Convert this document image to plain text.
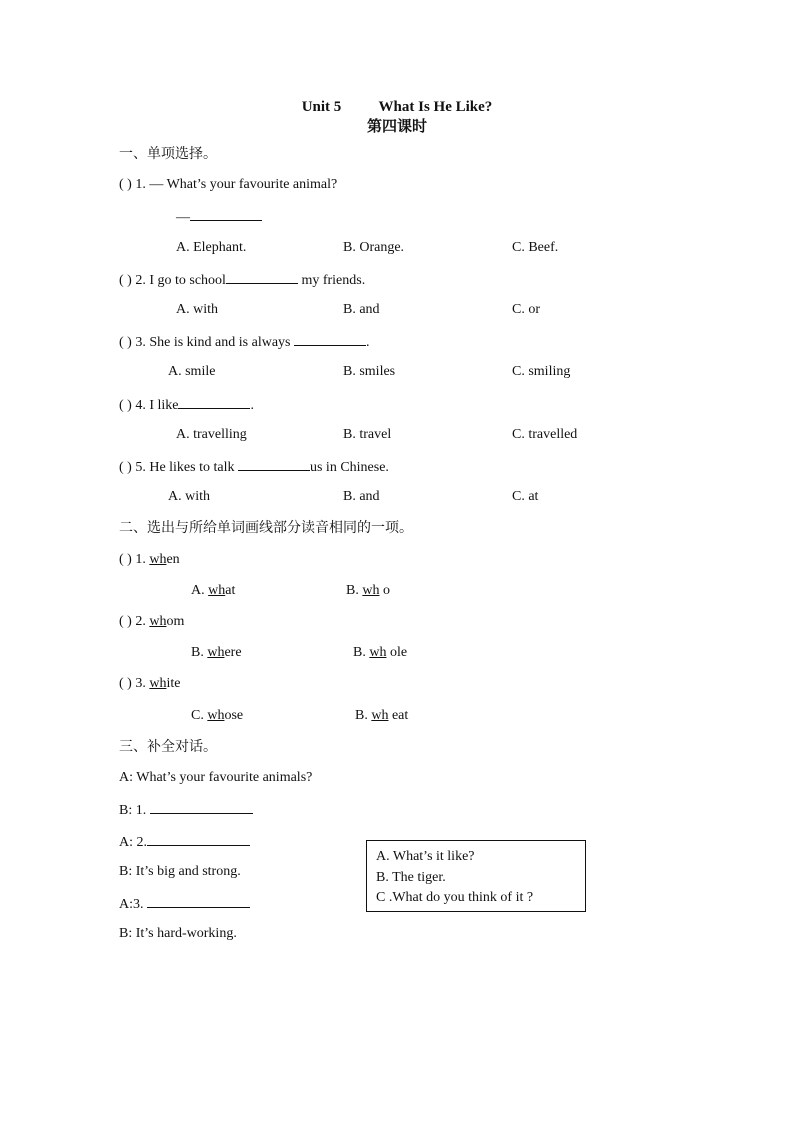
Unit 5 What Is He Like?
第四课时
一、单项选择。
( ) 1. — What’s your favourite animal?
—
A. Elephant.	B. Orange.	C. Beef.
( ) 2. I go to school	my friends.
A. with	B. and	C. or
( ) 3. She is kind and is always	.
A. smile	B. smiles	C. smiling
( ) 4. I like	.
A. travelling	B. travel	C. travelled
( ) 5. He likes to talk	us in Chinese.
A. with	B. and	C. at
二、选出与所给单词画线部分读音相同的一项。
( ) 1. when
A. what	B. wh o
( ) 2. whom
B. where	B. wh ole
( ) 3. white
C. whose	B. wh eat
三、补全对话。
A: What’s your favourite animals?
B: 1.
A: 2.
B: It’s big and strong.
A:3.
B: It’s hard-working.
A. What’s it like?
B. The tiger.
C .What do you think of it ?
